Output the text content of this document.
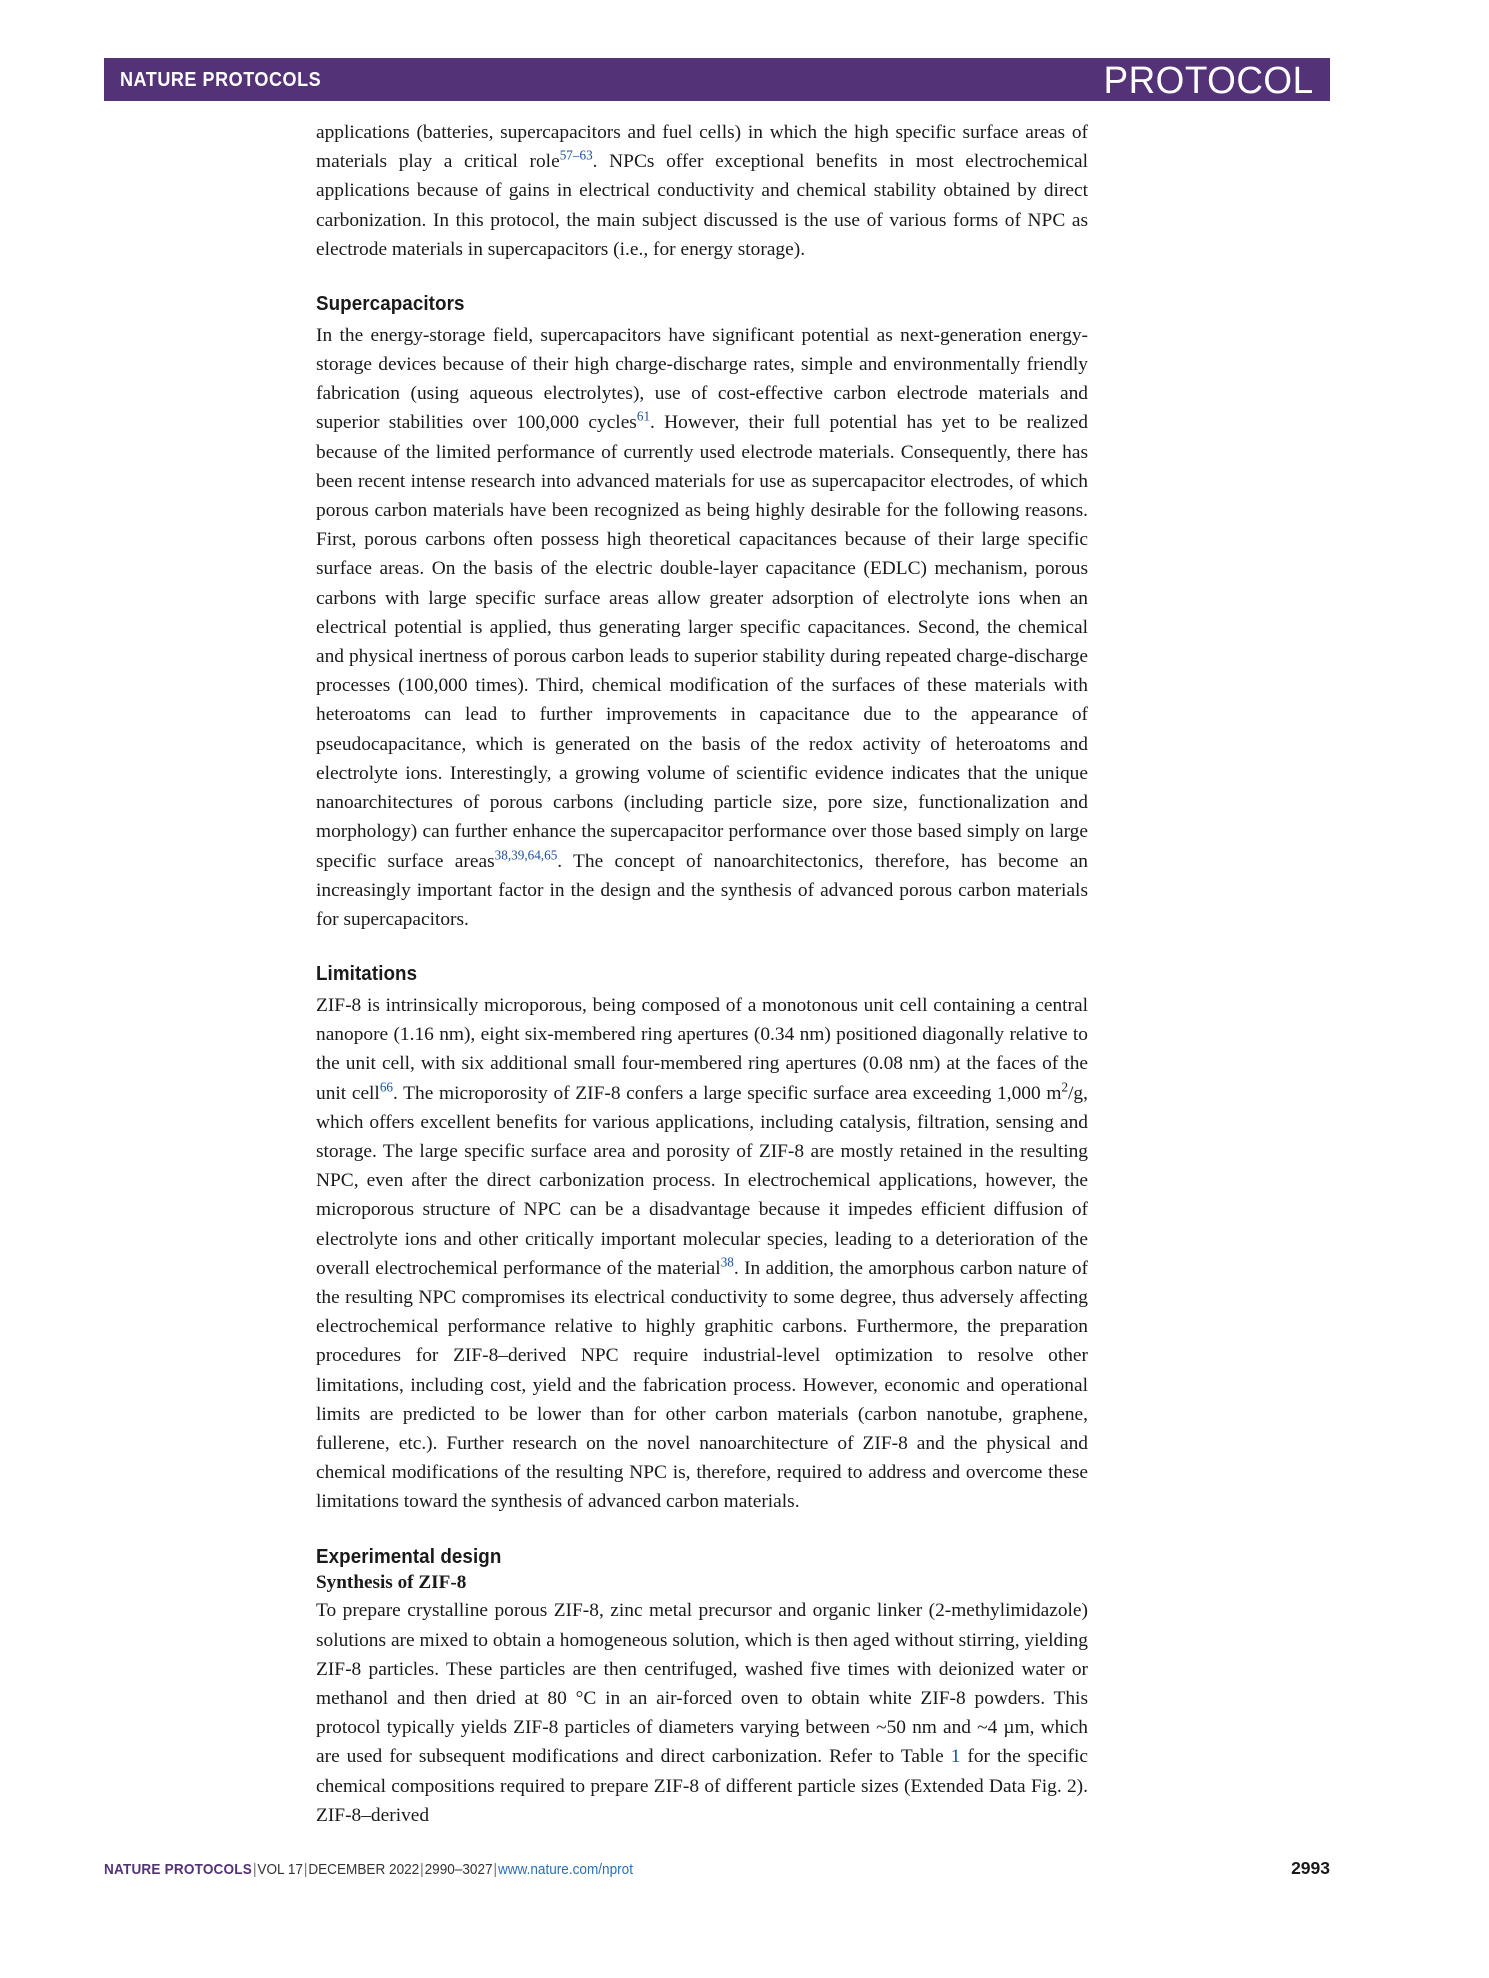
NATURE PROTOCOLS	PROTOCOL

applications (batteries, supercapacitors and fuel cells) in which the high specific surface areas of materials play a critical role$^{57-63}$. NPCs offer exceptional benefits in most electrochemical applications because of gains in electrical conductivity and chemical stability obtained by direct carbonization. In this protocol, the main subject discussed is the use of various forms of NPC as electrode materials in supercapacitors (i.e., for energy storage).

Supercapacitors

In the energy-storage field, supercapacitors have significant potential as next-generation energy-storage devices because of their high charge-discharge rates, simple and environmentally friendly fabrication (using aqueous electrolytes), use of cost-effective carbon electrode materials and superior stabilities over 100,000 cycles$^{61}$. However, their full potential has yet to be realized because of the limited performance of currently used electrode materials. Consequently, there has been recent intense research into advanced materials for use as supercapacitor electrodes, of which porous carbon materials have been recognized as being highly desirable for the following reasons. First, porous carbons often possess high theoretical capacitances because of their large specific surface areas. On the basis of the electric double-layer capacitance (EDLC) mechanism, porous carbons with large specific surface areas allow greater adsorption of electrolyte ions when an electrical potential is applied, thus generating larger specific capacitances. Second, the chemical and physical inertness of porous carbon leads to superior stability during repeated charge-discharge processes (100,000 times). Third, chemical modification of the surfaces of these materials with heteroatoms can lead to further improvements in capacitance due to the appearance of pseudocapacitance, which is generated on the basis of the redox activity of heteroatoms and electrolyte ions. Interestingly, a growing volume of scientific evidence indicates that the unique nanoarchitectures of porous carbons (including particle size, pore size, functionalization and morphology) can further enhance the supercapacitor performance over those based simply on large specific surface areas$^{38,39,64,65}$. The concept of nanoarchitectonics, therefore, has become an increasingly important factor in the design and the synthesis of advanced porous carbon materials for supercapacitors.

Limitations

ZIF-8 is intrinsically microporous, being composed of a monotonous unit cell containing a central nanopore (1.16 nm), eight six-membered ring apertures (0.34 nm) positioned diagonally relative to the unit cell, with six additional small four-membered ring apertures (0.08 nm) at the faces of the unit cell$^{66}$. The microporosity of ZIF-8 confers a large specific surface area exceeding 1,000 $m^2/g$, which offers excellent benefits for various applications, including catalysis, filtration, sensing and storage. The large specific surface area and porosity of ZIF-8 are mostly retained in the resulting NPC, even after the direct carbonization process. In electrochemical applications, however, the microporous structure of NPC can be a disadvantage because it impedes efficient diffusion of electrolyte ions and other critically important molecular species, leading to a deterioration of the overall electrochemical performance of the material$^{38}$. In addition, the amorphous carbon nature of the resulting NPC compromises its electrical conductivity to some degree, thus adversely affecting electrochemical performance relative to highly graphitic carbons. Furthermore, the preparation procedures for ZIF-8–derived NPC require industrial-level optimization to resolve other limitations, including cost, yield and the fabrication process. However, economic and operational limits are predicted to be lower than for other carbon materials (carbon nanotube, graphene, fullerene, etc.). Further research on the novel nanoarchitecture of ZIF-8 and the physical and chemical modifications of the resulting NPC is, therefore, required to address and overcome these limitations toward the synthesis of advanced carbon materials.

Experimental design
Synthesis of ZIF-8

To prepare crystalline porous ZIF-8, zinc metal precursor and organic linker (2-methylimidazole) solutions are mixed to obtain a homogeneous solution, which is then aged without stirring, yielding ZIF-8 particles. These particles are then centrifuged, washed five times with deionized water or methanol and then dried at 80 °C in an air-forced oven to obtain white ZIF-8 powders. This protocol typically yields ZIF-8 particles of diameters varying between ~50 nm and ~4 µm, which are used for subsequent modifications and direct carbonization. Refer to Table 1 for the specific chemical compositions required to prepare ZIF-8 of different particle sizes (Extended Data Fig. 2). ZIF-8–derived

NATURE PROTOCOLS|VOL 17|DECEMBER 2022|2990–3027|www.nature.com/nprot	2993
